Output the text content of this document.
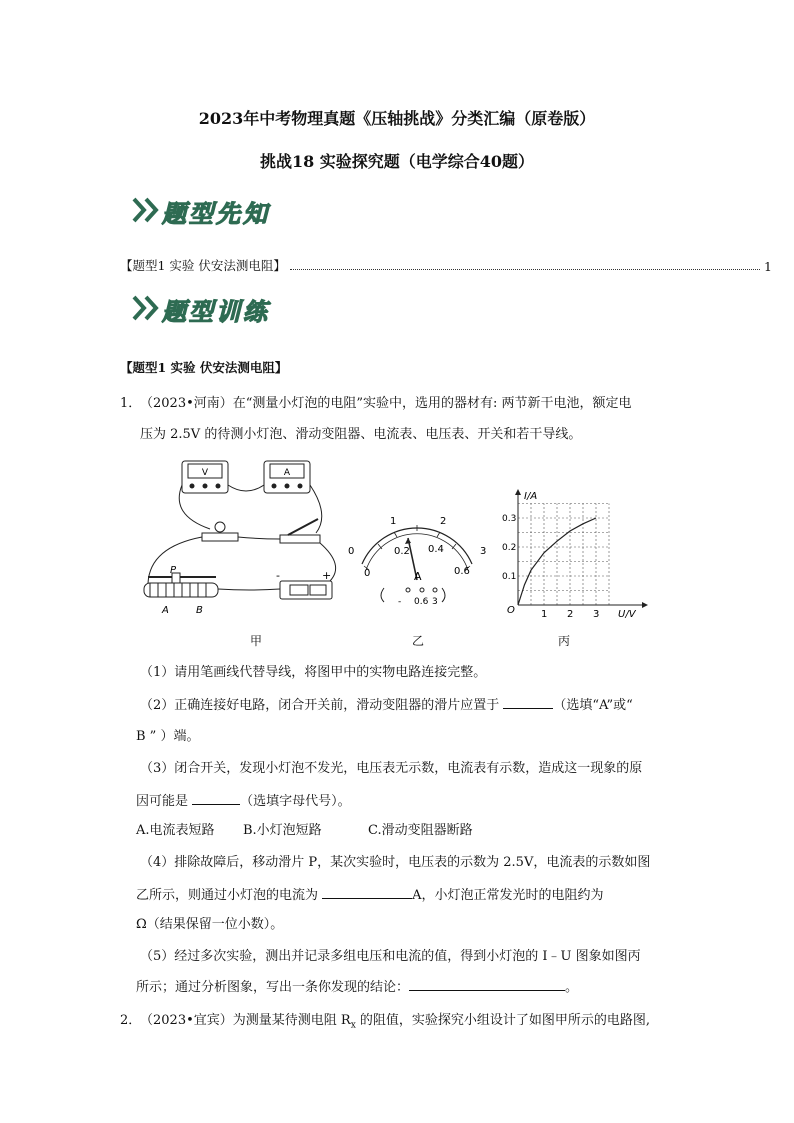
2023年中考物理真题《压轴挑战》分类汇编（原卷版）
挑战18 实验探究题（电学综合40题）
题型先知
【题型1 实验 伏安法测电阻】	1
题型训练
【题型1 实验 伏安法测电阻】
1．
（2023•河南）在“测量小灯泡的电阻”实验中，选用的器材有: 两节新干电池，额定电
压为 2.5V 的待测小灯泡、滑动变阻器、电流表、电压表、开关和若干导线。
V	A
P
A	B
-	+
0
1	2
3
0
0.2 0.4
0.6
A
- 0.6 3
I/A
U/V
O	1 2 3
0.1
0.2
0.3
甲	乙	丙
（1）请用笔画线代替导线，将图甲中的实物电路连接完整。
（2）正确连接好电路，闭合开关前，滑动变阻器的滑片应置于	（选填“A”或“
B ” ）端。
（3）闭合开关，发现小灯泡不发光，电压表无示数，电流表有示数，造成这一现象的原
因可能是	（选填字母代号）。
A.电流表短路 B.小灯泡短路	C.滑动变阻器断路
（4）排除故障后，移动滑片 P，某次实验时，电压表的示数为 2.5V，电流表的示数如图
乙所示，则通过小灯泡的电流为	A，小灯泡正常发光时的电阻约为
Ω（结果保留一位小数）。
（5）经过多次实验，测出并记录多组电压和电流的值，得到小灯泡的 I﹣U 图象如图丙
所示；通过分析图象，写出一条你发现的结论：	。
2．
（2023•宜宾）为测量某待测电阻 $R_x$ 的阻值，实验探究小组设计了如图甲所示的电路图,
